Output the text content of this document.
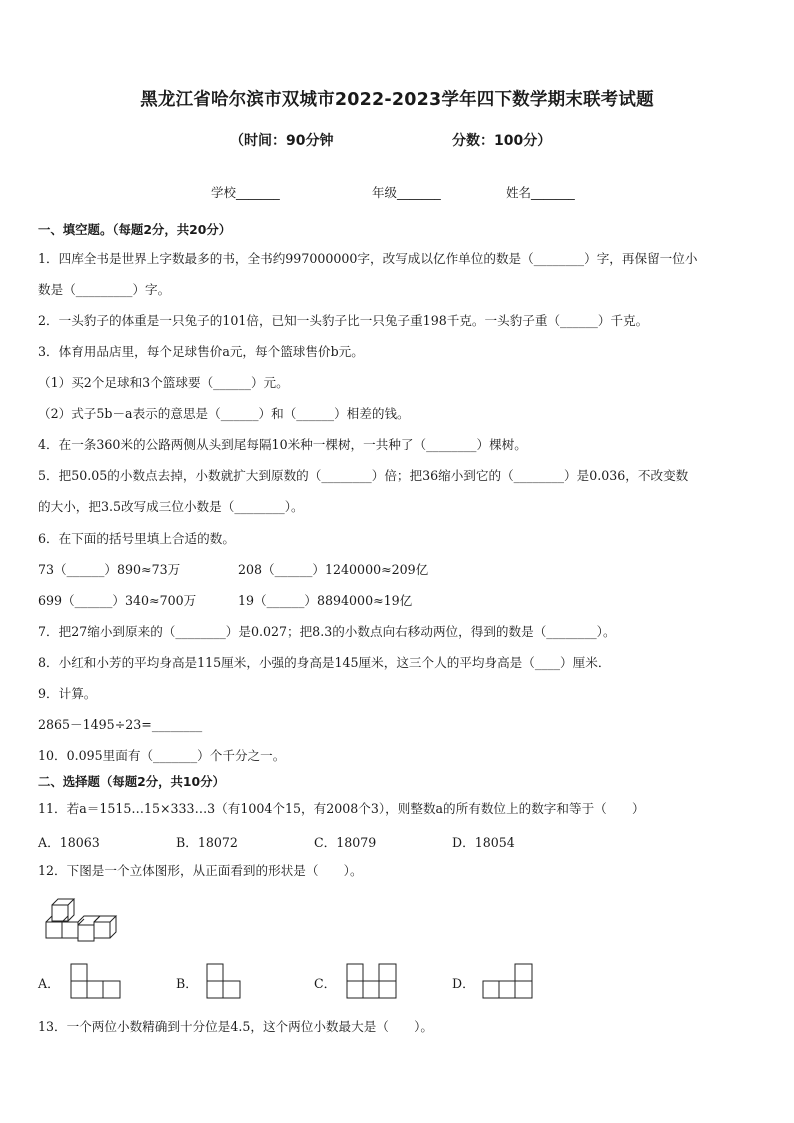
黑龙江省哈尔滨市双城市2022-2023学年四下数学期末联考试题
（时间：90分钟	分数：100分）
学校_______	年级_______	姓名_______
一、填空题。（每题2分，共20分）
1．四库全书是世界上字数最多的书，全书约997000000字，改写成以亿作单位的数是（________）字，再保留一位小
数是（_________）字。
2．一头豹子的体重是一只兔子的101倍，已知一头豹子比一只兔子重198千克。一头豹子重（______）千克。
3．体育用品店里，每个足球售价a元，每个篮球售价b元。
（1）买2个足球和3个篮球要（______）元。
（2）式子5b－a表示的意思是（______）和（______）相差的钱。
4．在一条360米的公路两侧从头到尾每隔10米种一棵树，一共种了（________）棵树。
5．把50.05的小数点去掉，小数就扩大到原数的（________）倍；把36缩小到它的（________）是0.036，不改变数
的大小，把3.5改写成三位小数是（________）。
6．在下面的括号里填上合适的数。
73（______）890≈73万	208（______）1240000≈209亿
699（______）340≈700万	19（______）8894000≈19亿
7．把27缩小到原来的（________）是0.027；把8.3的小数点向右移动两位，得到的数是（________）。
8．小红和小芳的平均身高是115厘米，小强的身高是145厘米，这三个人的平均身高是（____）厘米．
9．计算。
2865－1495÷23=________
10．0.095里面有（_______）个千分之一。
二、选择题（每题2分，共10分）
11．若a＝1515…15×333…3（有1004个15，有2008个3），则整数a的所有数位上的数字和等于（　　）
A．18063	B．18072	C．18079	D．18054
12．下图是一个立体图形，从正面看到的形状是（　　）。
A．	B．	C．	D．
13．一个两位小数精确到十分位是4.5，这个两位小数最大是（　　）。
